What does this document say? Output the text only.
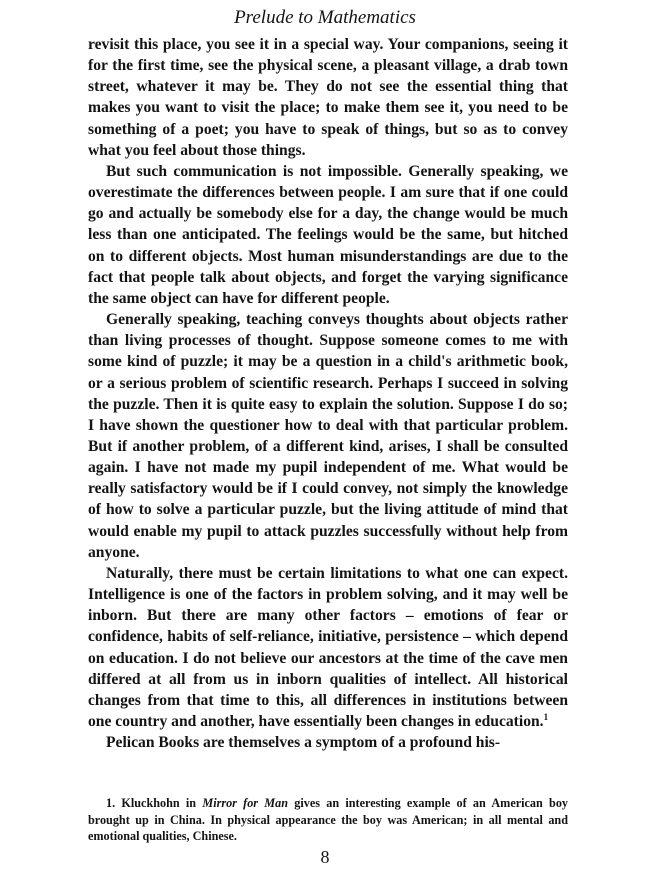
Prelude to Mathematics

revisit this place, you see it in a special way. Your companions, seeing it for the first time, see the physical scene, a pleasant village, a drab town street, whatever it may be. They do not see the essential thing that makes you want to visit the place; to make them see it, you need to be something of a poet; you have to speak of things, but so as to convey what you feel about those things.

But such communication is not impossible. Generally speaking, we overestimate the differences between people. I am sure that if one could go and actually be somebody else for a day, the change would be much less than one anticipated. The feelings would be the same, but hitched on to different objects. Most human misunderstandings are due to the fact that people talk about objects, and forget the varying significance the same object can have for different people.

Generally speaking, teaching conveys thoughts about objects rather than living processes of thought. Suppose someone comes to me with some kind of puzzle; it may be a question in a child's arithmetic book, or a serious problem of scientific research. Perhaps I succeed in solving the puzzle. Then it is quite easy to explain the solution. Suppose I do so; I have shown the questioner how to deal with that particular problem. But if another problem, of a different kind, arises, I shall be consulted again. I have not made my pupil independent of me. What would be really satisfactory would be if I could convey, not simply the knowledge of how to solve a particular puzzle, but the living attitude of mind that would enable my pupil to attack puzzles successfully without help from anyone.

Naturally, there must be certain limitations to what one can expect. Intelligence is one of the factors in problem solving, and it may well be inborn. But there are many other factors – emotions of fear or confidence, habits of self-reliance, initiative, persistence – which depend on education. I do not believe our ancestors at the time of the cave men differed at all from us in inborn qualities of intellect. All historical changes from that time to this, all differences in institutions between one country and another, have essentially been changes in education.$^1$

Pelican Books are themselves a symptom of a profound his-

1. Kluckhohn in Mirror for Man gives an interesting example of an American boy brought up in China. In physical appearance the boy was American; in all mental and emotional qualities, Chinese.
8
